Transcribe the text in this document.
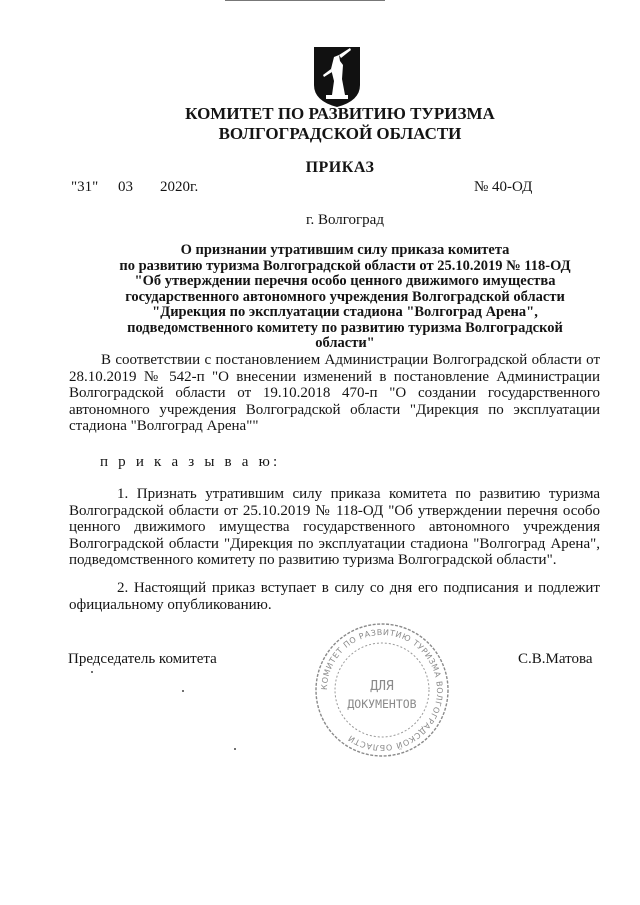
КОМИТЕТ ПО РАЗВИТИЮ ТУРИЗМА
ВОЛГОГРАДСКОЙ ОБЛАСТИ
ПРИКАЗ
"31" 03 2020г.	№ 40-ОД
г. Волгоград
О признании утратившим силу приказа комитета
по развитию туризма Волгоградской области от 25.10.2019 № 118-ОД
"Об утверждении перечня особо ценного движимого имущества
государственного автономного учреждения Волгоградской области
"Дирекция по эксплуатации стадиона "Волгоград Арена",
подведомственного комитету по развитию туризма Волгоградской
области"
В соответствии с постановлением Администрации Волгоградской области от 28.10.2019 № 542-п "О внесении изменений в постановление Администрации Волгоградской области от 19.10.2018 470-п "О создании государственного автономного учреждения Волгоградской области "Дирекция по эксплуатации стадиона "Волгоград Арена""
п р и к а з ы в а ю:
1. Признать утратившим силу приказа комитета по развитию туризма Волгоградской области от 25.10.2019 № 118-ОД "Об утверждении перечня особо ценного движимого имущества государственного автономного учреждения Волгоградской области "Дирекция по эксплуатации стадиона "Волгоград Арена", подведомственного комитету по развитию туризма Волгоградской области".
2. Настоящий приказ вступает в силу со дня его подписания и подлежит официальному опубликованию.
Председатель комитета	С.В.Матова
КОМИТЕТ ПО РАЗВИТИЮ ТУРИЗМА ВОЛГОГРАДСКОЙ ОБЛАСТИ
ДЛЯ
ДОКУМЕНТОВ
